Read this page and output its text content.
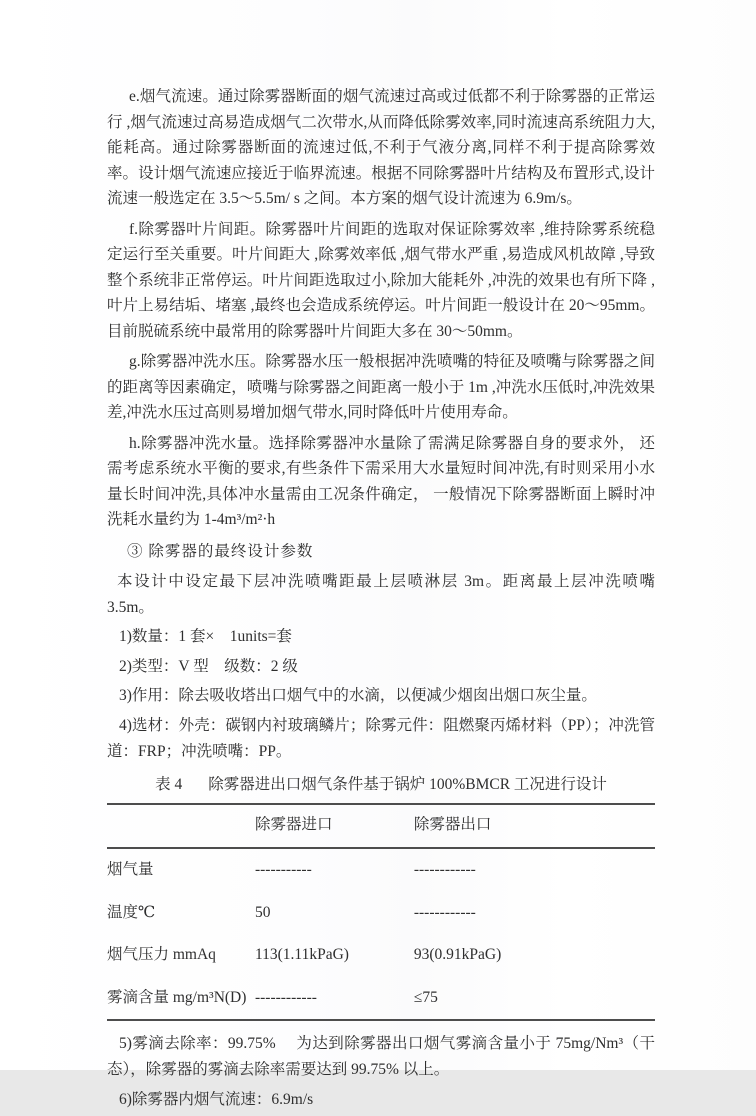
e.烟气流速。通过除雾器断面的烟气流速过高或过低都不利于除雾器的正常运行 ,烟气流速过高易造成烟气二次带水,从而降低除雾效率,同时流速高系统阻力大,能耗高。通过除雾器断面的流速过低,不利于气液分离,同样不利于提高除雾效率。设计烟气流速应接近于临界流速。根据不同除雾器叶片结构及布置形式,设计流速一般选定在 3.5～5.5m/ s 之间。本方案的烟气设计流速为 6.9m/s。

f.除雾器叶片间距。除雾器叶片间距的选取对保证除雾效率 ,维持除雾系统稳定运行至关重要。叶片间距大 ,除雾效率低 ,烟气带水严重 ,易造成风机故障 ,导致整个系统非正常停运。叶片间距选取过小,除加大能耗外 ,冲洗的效果也有所下降 ,叶片上易结垢、堵塞 ,最终也会造成系统停运。叶片间距一般设计在 20～95mm。目前脱硫系统中最常用的除雾器叶片间距大多在 30～50mm。

g.除雾器冲洗水压。除雾器水压一般根据冲洗喷嘴的特征及喷嘴与除雾器之间的距离等因素确定，喷嘴与除雾器之间距离一般小于 1m ,冲洗水压低时,冲洗效果差,冲洗水压过高则易增加烟气带水,同时降低叶片使用寿命。

h.除雾器冲洗水量。选择除雾器冲水量除了需满足除雾器自身的要求外， 还需考虑系统水平衡的要求,有些条件下需采用大水量短时间冲洗,有时则采用小水量长时间冲洗,具体冲水量需由工况条件确定， 一般情况下除雾器断面上瞬时冲洗耗水量约为 1-4m³/m²·h

③ 除雾器的最终设计参数

本设计中设定最下层冲洗喷嘴距最上层喷淋层 3m。距离最上层冲洗喷嘴 3.5m。

1)数量：1 套×　1units=套

2)类型：V 型　级数：2 级

3)作用：除去吸收塔出口烟气中的水滴，以便减少烟囱出烟口灰尘量。

4)选材：外壳：碳钢内衬玻璃鳞片；除雾元件：阻燃聚丙烯材料（PP）；冲洗管道：FRP；冲洗喷嘴：PP。

表 4 除雾器进出口烟气条件基于锅炉 100%BMCR 工况进行设计
	除雾器进口	除雾器出口
烟气量	-----------	------------
温度℃	50	------------
烟气压力 mmAq	113(1.11kPaG)	93(0.91kPaG)
雾滴含量 mg/m³N(D)	------------	≤75

5)雾滴去除率：99.75%　 为达到除雾器出口烟气雾滴含量小于 75mg/Nm³（干态），除雾器的雾滴去除率需要达到 99.75% 以上。

6)除雾器内烟气流速：6.9m/s
